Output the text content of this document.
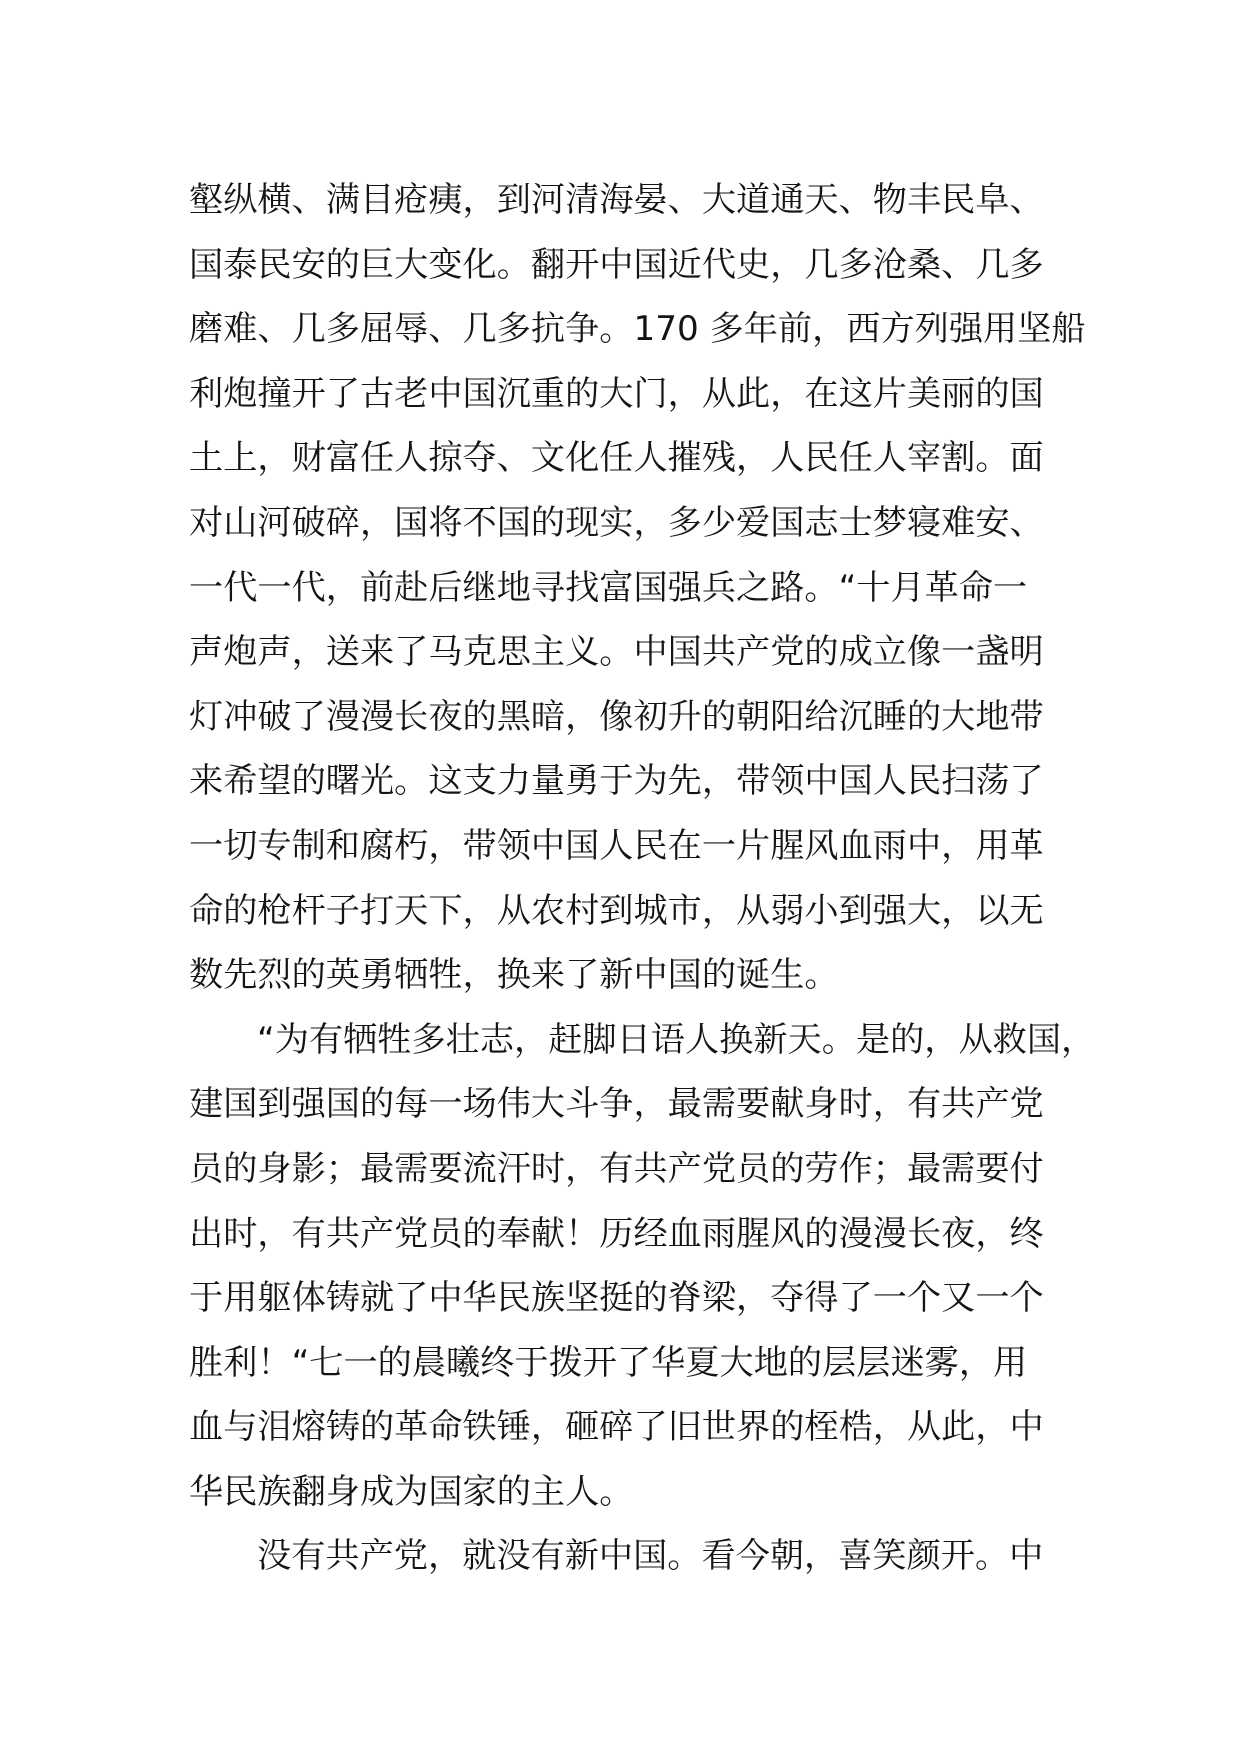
壑纵横、满目疮痍，到河清海晏、大道通天、物丰民阜、
国泰民安的巨大变化。翻开中国近代史，几多沧桑、几多
磨难、几多屈辱、几多抗争。170 多年前，西方列强用坚船
利炮撞开了古老中国沉重的大门，从此，在这片美丽的国
土上，财富任人掠夺、文化任人摧残，人民任人宰割。面
对山河破碎，国将不国的现实，多少爱国志士梦寝难安、
一代一代，前赴后继地寻找富国强兵之路。“十月革命一
声炮声，送来了马克思主义。中国共产党的成立像一盏明
灯冲破了漫漫长夜的黑暗，像初升的朝阳给沉睡的大地带
来希望的曙光。这支力量勇于为先，带领中国人民扫荡了
一切专制和腐朽，带领中国人民在一片腥风血雨中，用革
命的枪杆子打天下，从农村到城市，从弱小到强大，以无
数先烈的英勇牺牲，换来了新中国的诞生。
“为有牺牲多壮志，赶脚日语人换新天。是的，从救国，
建国到强国的每一场伟大斗争，最需要献身时，有共产党
员的身影；最需要流汗时，有共产党员的劳作；最需要付
出时，有共产党员的奉献！历经血雨腥风的漫漫长夜，终
于用躯体铸就了中华民族坚挺的脊梁，夺得了一个又一个
胜利！“七一的晨曦终于拨开了华夏大地的层层迷雾，用
血与泪熔铸的革命铁锤，砸碎了旧世界的桎梏，从此，中
华民族翻身成为国家的主人。
没有共产党，就没有新中国。看今朝，喜笑颜开。中
